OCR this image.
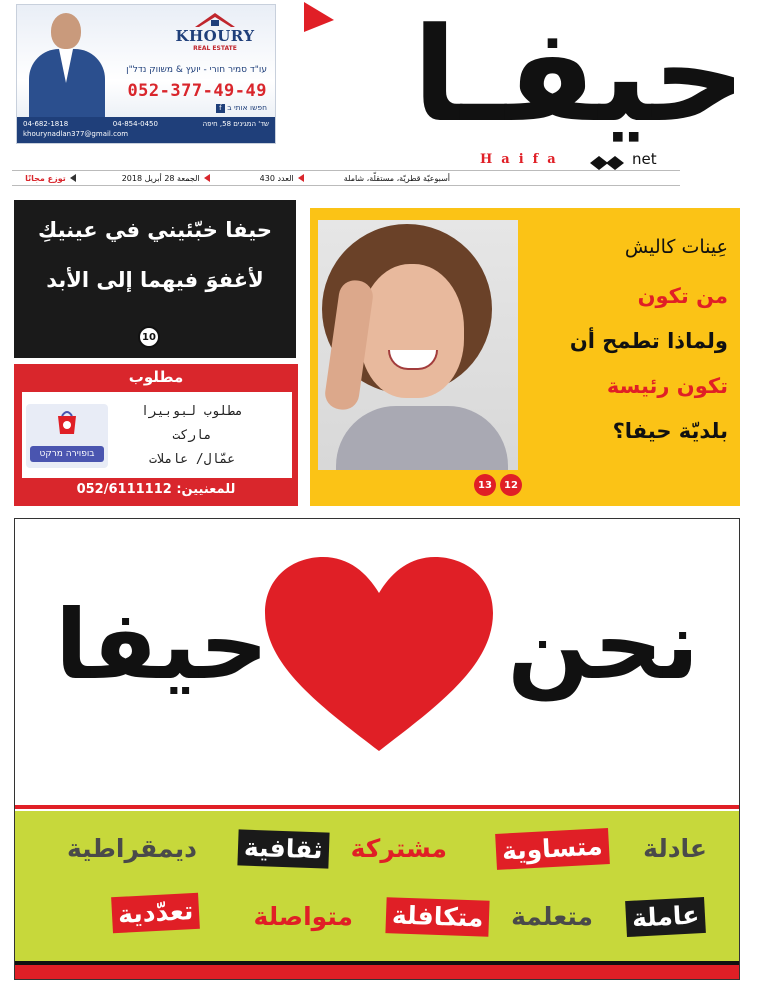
KHOURY
REAL ESTATE
עו"ד סמיר חורי - יועץ & משווק נדל"ן
052-377-49-49
חפשו אותי ב f
שד' המגינים 58, חיפה
04-854-0450
04-682-1818
khourynadlan377@gmail.com	حيفـا
Haifa	net
أسبوعيّة قطريّة، مستقلّة، شاملة
العدد 430
الجمعة 28 أبريل 2018
توزع مجانًا
حيفا خبّئيني في عينيكِ
لأغفوَ فيهما إلى الأبد
10
مطلوب
בופוירה מרקט
مطلوب لبوبيرا
ماركت
عمّال/ عاملات
للمعنيين: 052/6111112
عِينات كاليش
من تكون
ولماذا تطمح أن
تكون رئيسة
بلديّة حيفا؟
12
13
نحن
حيفا
عادلة
متساوية
مشتركة
ثقافية
ديمقراطية
عاملة
متعلمة
متكافلة
متواصلة
تعدّدية
